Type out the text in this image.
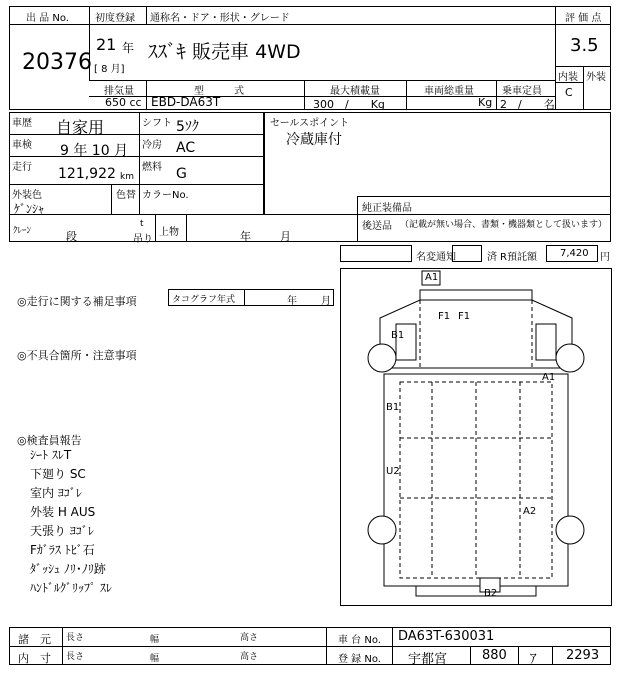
出 品 No.
20376
初度登録 通称名・ドア・形状・グレード
21 年
[ 8 月]
ｽｽﾞｷ 販売車 4WD
評 価 点
3.5
内装 外装
C
排気量	型　　　式	最大積載量	車両総重量	乗車定員
650 cc EBD-DA63T	300　/　　Kg	Kg 2　/　　名
車歴 自家用	シフト 5ｿｸ
車検 9 年 10 月 冷房 AC
走行 121,922 km
燃料 G
外装色
ｹﾞﾝｼｬ
色替 カラーNo.
セールスポイント
冷蔵庫付
純正装備品
後送品 （記載が無い場合、書類・機器類として扱います）
ｸﾚｰﾝ	段
t
吊り
上物	年	月
名変通知	済 R預託額 7,420 円
◎走行に関する補足事項	タコグラフ年式	年 月
◎不具合箇所・注意事項
◎検査員報告
ｼｰﾄ ｽﾚT
下廻り SC
室内 ﾖｺﾞﾚ
外装 H AUS
天張り ﾖｺﾞﾚ
Fｶﾞﾗｽ ﾄﾋﾞ石
ﾀﾞｯｼｭ ﾉﾘ･ﾉﾘ跡
ﾊﾝﾄﾞﾙｸﾞﾘｯﾌﾟ ｽﾚ
A1
F1 F1
B1
A1
B1
U2
A2
B2
諸　元
内　寸
長さ	幅	高さ
長さ	幅	高さ
車 台 No. DA63T-630031
登 録 No. 宇都宮	880 ｱ 2293
